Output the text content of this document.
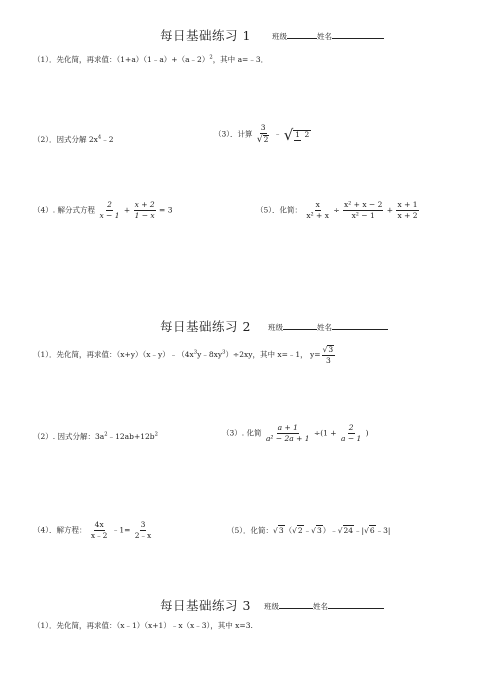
每日基础练习 1	班级	姓名
（1）．先化简，再求值：（1+a）（1﹣a）+（a﹣2）$^2$，其中 a=﹣3．
（2）．因式分解 $2x^4﹣2$
（3）．计算 $\frac{3}{√2}$ ﹣ √ 1 2
（4）. 解分式方程 $\frac{2}{x - 1} + \frac{x + 2}{1 - x} = 3$	（5）．化简： $\frac{x}{\text{x² + x}} \div \frac{\text{x² + x − 2}}{\text{x² − 1}} + \frac{x + 1}{x + 2}$
每日基础练习 2 班级	姓名
（1）．先化简，再求值：$(x+y)(x﹣y)﹣(4x^3y﹣8xy^3)\div 2xy$，其中 x=﹣1， $y= \frac{√3}{3}$
（2）. 因式分解：$3a^2﹣12ab+12b^2$	（3）. 化简 $\frac{a + 1}{\text{a² − 2a + 1}} \div(1 + \frac{2}{a - 1}$ )
（4）．解方程： $\frac{4x}{x﹣2}$ ﹣1= $\frac{3}{2﹣x}$	（5）．化简：√3（√2﹣√3）﹣√24﹣|√6﹣3|
每日基础练习 3 班级	姓名
（1）．先化简，再求值：（x﹣1）（x+1）﹣x（x﹣3），其中 x=3.
